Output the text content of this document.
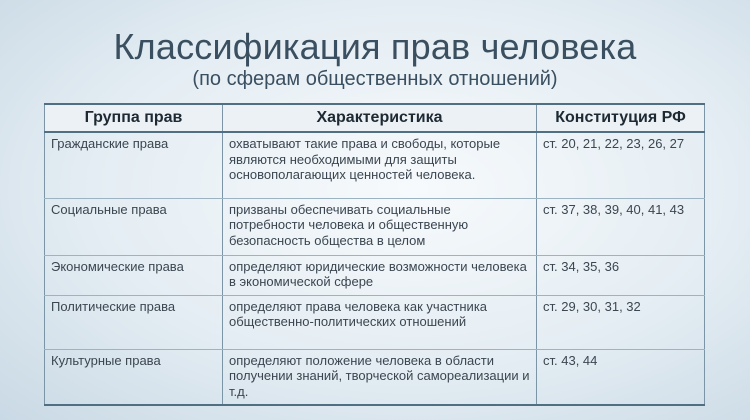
Классификация прав человека
(по сферам общественных отношений)
Группа прав	Характеристика	Конституция РФ
Гражданские права	охватывают такие права и свободы, которые являются необходимыми для защиты основополагающих ценностей человека.	ст. 20, 21, 22, 23, 26, 27
Социальные права	призваны обеспечивать социальные потребности человека и общественную безопасность общества в целом	ст. 37, 38, 39, 40, 41, 43
Экономические права	определяют юридические возможности человека в экономической сфере	ст. 34, 35, 36
Политические права	определяют права человека как участника общественно-политических отношений	ст. 29, 30, 31, 32
Культурные права	определяют положение человека в области получении знаний, творческой самореализации и т.д.	ст. 43, 44
